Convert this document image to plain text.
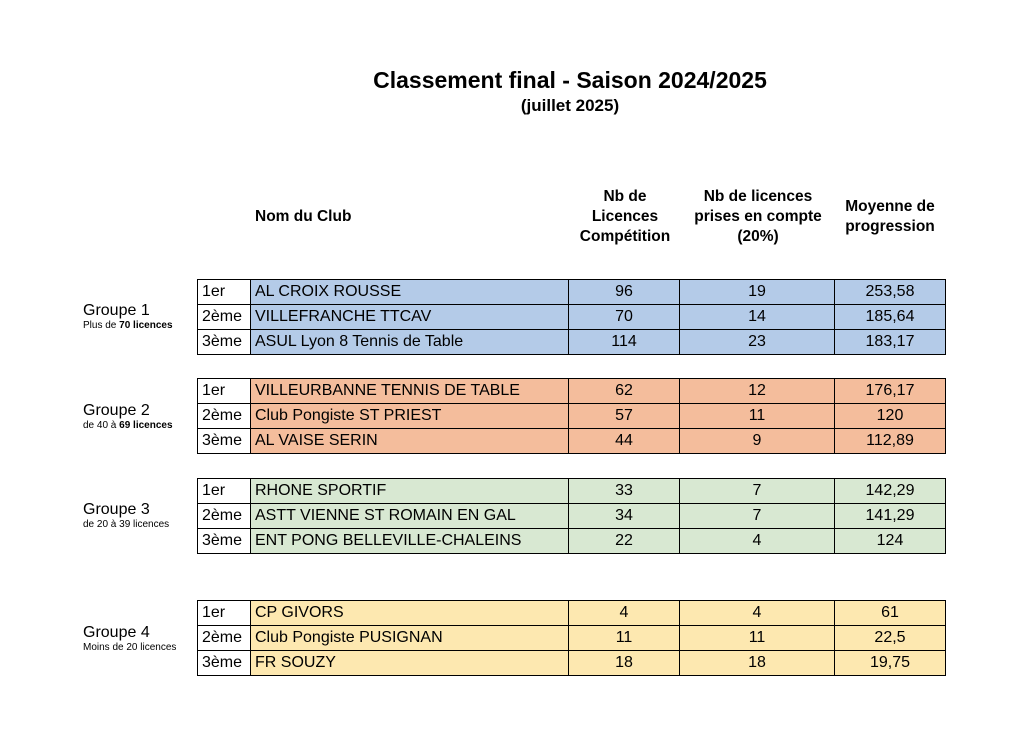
Classement final - Saison 2024/2025
(juillet 2025)
Nom du Club
Nb de
Licences
Compétition
Nb de licences
prises en compte
(20%)
Moyenne de
progression
Groupe 1
Plus de 70 licences
1er	AL CROIX ROUSSE	96	19	253,58
2ème	VILLEFRANCHE TTCAV	70	14	185,64
3ème	ASUL Lyon 8 Tennis de Table	114	23	183,17
Groupe 2
de 40 à 69 licences
1er	VILLEURBANNE TENNIS DE TABLE	62	12	176,17
2ème	Club Pongiste ST PRIEST	57	11	120
3ème	AL VAISE SERIN	44	9	112,89
Groupe 3
de 20 à 39 licences
1er	RHONE SPORTIF	33	7	142,29
2ème	ASTT VIENNE ST ROMAIN EN GAL	34	7	141,29
3ème	ENT PONG BELLEVILLE-CHALEINS	22	4	124
Groupe 4
Moins de 20 licences
1er	CP GIVORS	4	4	61
2ème	Club Pongiste PUSIGNAN	11	11	22,5
3ème	FR SOUZY	18	18	19,75
